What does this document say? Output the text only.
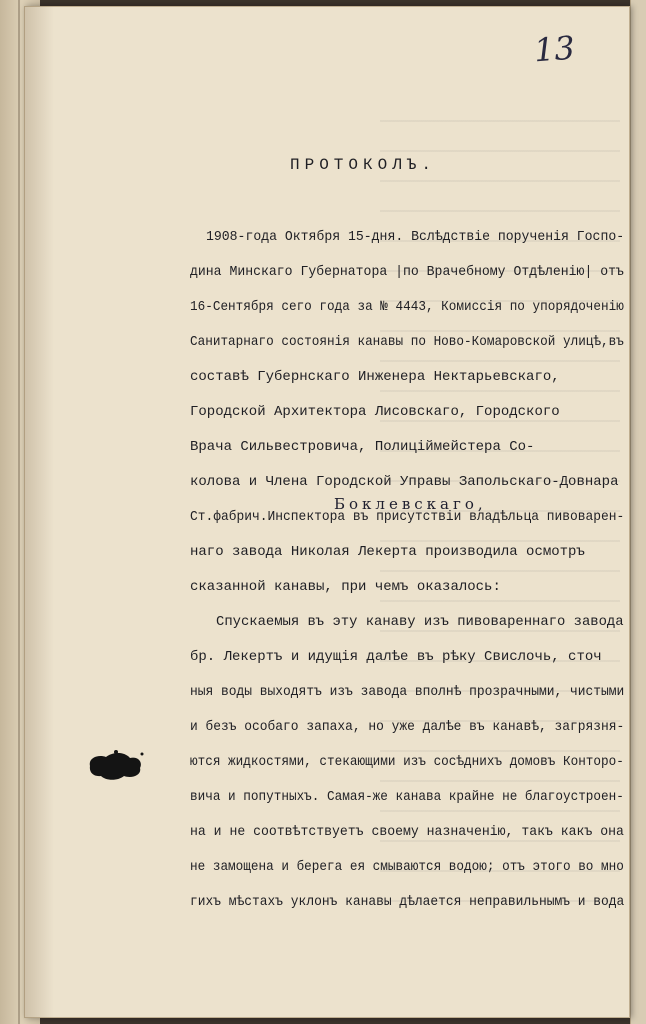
13
ПРОТОКОЛЪ.
1908-года Октября 15-дня. Вслѣдствіе порученія Госпо-
дина Минскаго Губернатора |по Врачебному Отдѣленію| отъ
16-Сентября сего года за № 4443, Комиссія по упорядоченію
Санитарнаго состоянія канавы по Ново-Комаровской улицѣ,въ
составѣ Губернскаго Инженера Нектарьевскаго,
Городской Архитектора Лисовскаго, Городского
Врача Сильвестровича, Полиціймейстера Со-
колова и Члена Городской Управы Запольскаго-Довнара
Боклевскаго,
Ст.фабрич.Инспектора въ присутствіи владѣльца пивоварен-
наго завода Николая Лекерта производила осмотръ
сказанной канавы, при чемъ оказалось:
Спускаемыя въ эту канаву изъ пивовареннаго завода
бр. Лекертъ и идущія далѣе въ рѣку Свислочь, сточ
ныя воды выходятъ изъ завода вполнѣ прозрачными, чистыми
и безъ особаго запаха, но уже далѣе въ канавѣ, загрязня-
ются жидкостями, стекающими изъ сосѣднихъ домовъ Конторо-
вича и попутныхъ. Самая-же канава крайне не благоустроен-
на и не соотвѣтствуетъ своему назначенію, такъ какъ она
не замощена и берега ея смываются водою; отъ этого во мно
гихъ мѣстахъ уклонъ канавы дѣлается неправильнымъ и вода
